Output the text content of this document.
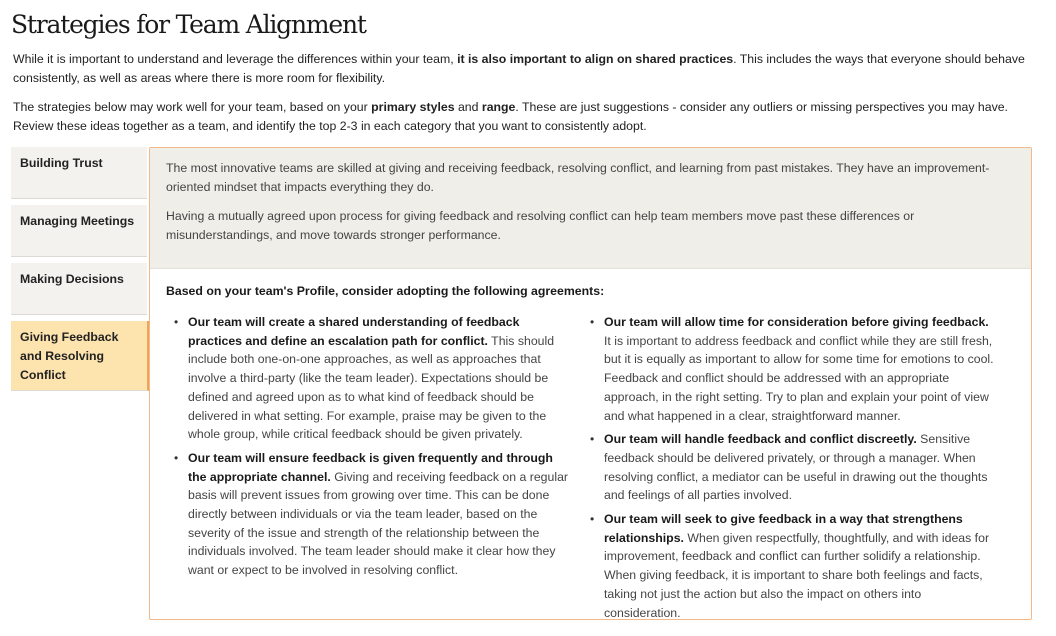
Strategies for Team Alignment

While it is important to understand and leverage the differences within your team, it is also important to align on shared practices. This includes the ways that everyone should behave consistently, as well as areas where there is more room for flexibility.

The strategies below may work well for your team, based on your primary styles and range. These are just suggestions - consider any outliers or missing perspectives you may have. Review these ideas together as a team, and identify the top 2-3 in each category that you want to consistently adopt.

Building Trust
Managing Meetings
Making Decisions
Giving Feedback and Resolving Conflict

The most innovative teams are skilled at giving and receiving feedback, resolving conflict, and learning from past mistakes. They have an improvement-oriented mindset that impacts everything they do.

Having a mutually agreed upon process for giving feedback and resolving conflict can help team members move past these differences or misunderstandings, and move towards stronger performance.

Based on your team's Profile, consider adopting the following agreements:

• Our team will create a shared understanding of feedback practices and define an escalation path for conflict. This should include both one-on-one approaches, as well as approaches that involve a third-party (like the team leader). Expectations should be defined and agreed upon as to what kind of feedback should be delivered in what setting. For example, praise may be given to the whole group, while critical feedback should be given privately.
• Our team will ensure feedback is given frequently and through the appropriate channel. Giving and receiving feedback on a regular basis will prevent issues from growing over time. This can be done directly between individuals or via the team leader, based on the severity of the issue and strength of the relationship between the individuals involved. The team leader should make it clear how they want or expect to be involved in resolving conflict.
• Our team will allow time for consideration before giving feedback. It is important to address feedback and conflict while they are still fresh, but it is equally as important to allow for some time for emotions to cool. Feedback and conflict should be addressed with an appropriate approach, in the right setting. Try to plan and explain your point of view and what happened in a clear, straightforward manner.
• Our team will handle feedback and conflict discreetly. Sensitive feedback should be delivered privately, or through a manager. When resolving conflict, a mediator can be useful in drawing out the thoughts and feelings of all parties involved.
• Our team will seek to give feedback in a way that strengthens relationships. When given respectfully, thoughtfully, and with ideas for improvement, feedback and conflict can further solidify a relationship. When giving feedback, it is important to share both feelings and facts, taking not just the action but also the impact on others into consideration.
